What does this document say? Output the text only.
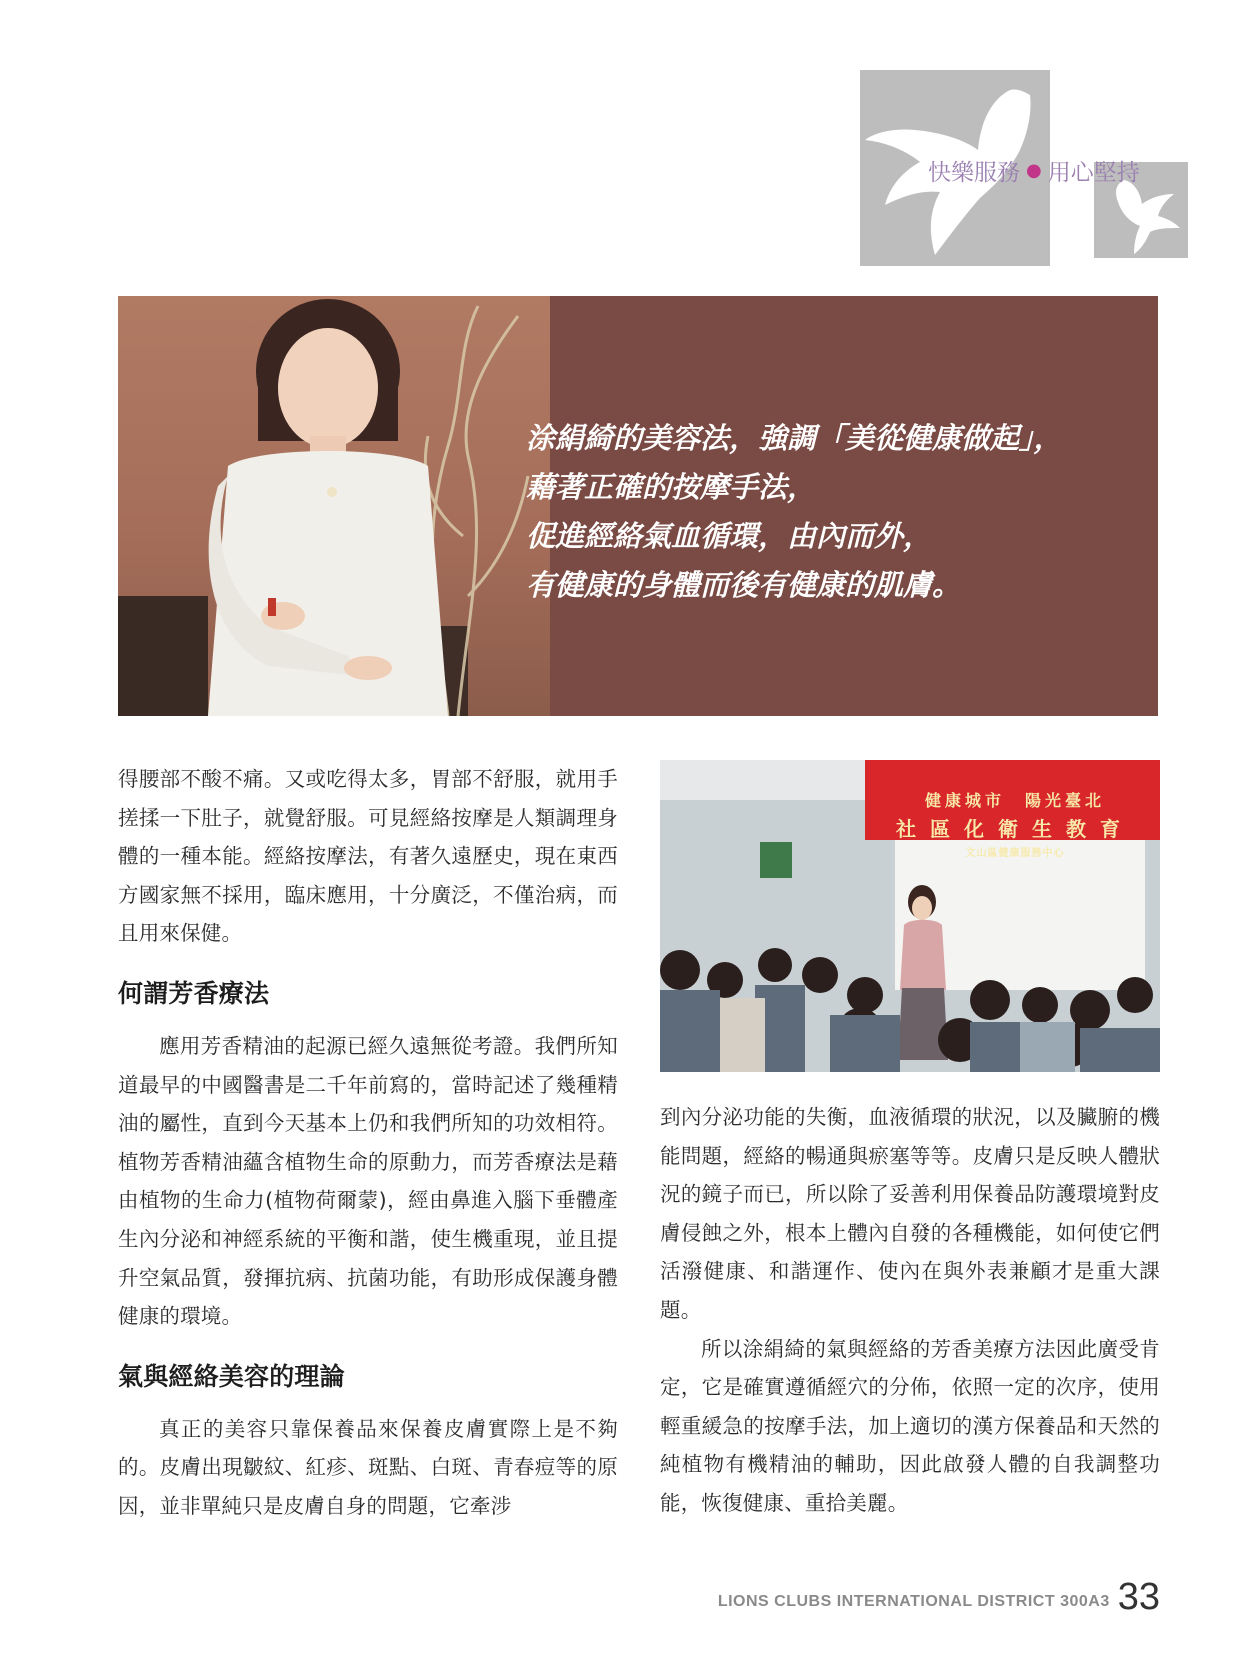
快樂服務 ● 用心堅持
涂絹綺的美容法，強調「美從健康做起」，
藉著正確的按摩手法，
促進經絡氣血循環，由內而外，
有健康的身體而後有健康的肌膚。

得腰部不酸不痛。又或吃得太多，胃部不舒服，就用手搓揉一下肚子，就覺舒服。可見經絡按摩是人類調理身體的一種本能。經絡按摩法，有著久遠歷史，現在東西方國家無不採用，臨床應用，十分廣泛，不僅治病，而且用來保健。

何謂芳香療法

應用芳香精油的起源已經久遠無從考證。我們所知道最早的中國醫書是二千年前寫的，當時記述了幾種精油的屬性，直到今天基本上仍和我們所知的功效相符。植物芳香精油蘊含植物生命的原動力，而芳香療法是藉由植物的生命力(植物荷爾蒙)，經由鼻進入腦下垂體產生內分泌和神經系統的平衡和諧，使生機重現，並且提升空氣品質，發揮抗病、抗菌功能，有助形成保護身體健康的環境。

氣與經絡美容的理論

真正的美容只靠保養品來保養皮膚實際上是不夠的。皮膚出現皺紋、紅疹、斑點、白斑、青春痘等的原因，並非單純只是皮膚自身的問題，它牽涉

健康城市　陽光臺北
社區化衛生教育
文山區健康服務中心

到內分泌功能的失衡，血液循環的狀況，以及臟腑的機能問題，經絡的暢通與瘀塞等等。皮膚只是反映人體狀況的鏡子而已，所以除了妥善利用保養品防護環境對皮膚侵蝕之外，根本上體內自發的各種機能，如何使它們活潑健康、和諧運作、使內在與外表兼顧才是重大課題。

所以涂絹綺的氣與經絡的芳香美療方法因此廣受肯定，它是確實遵循經穴的分佈，依照一定的次序，使用輕重緩急的按摩手法，加上適切的漢方保養品和天然的純植物有機精油的輔助，因此啟發人體的自我調整功能，恢復健康、重拾美麗。

LIONS CLUBS INTERNATIONAL DISTRICT 300A3 33
